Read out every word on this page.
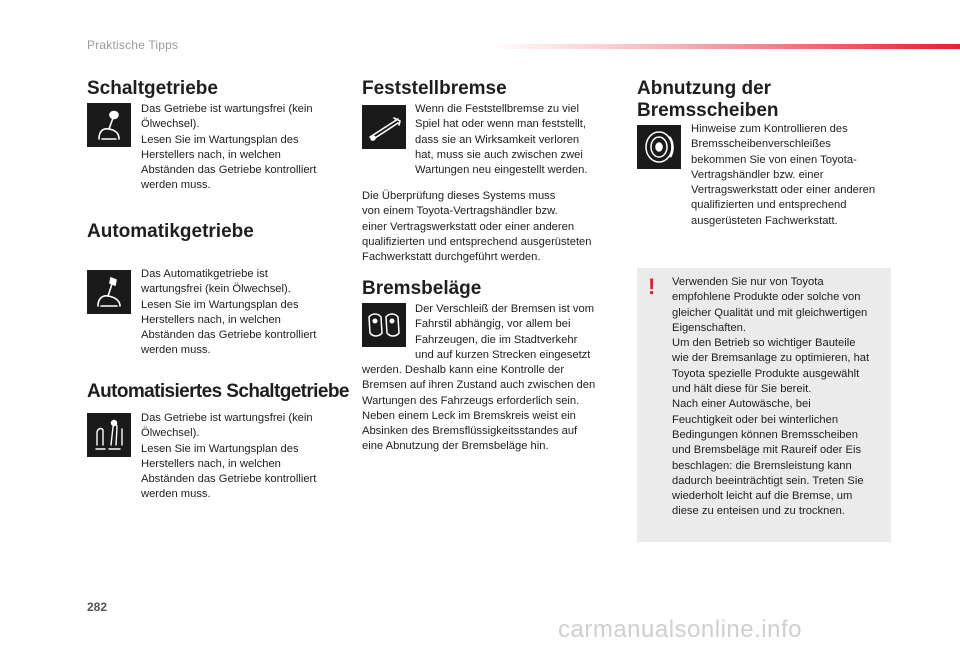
Praktische Tipps
Schaltgetriebe

Das Getriebe ist wartungsfrei (kein

Ölwechsel).

Lesen Sie im Wartungsplan des

Herstellers nach, in welchen

Abständen das Getriebe kontrolliert

werden muss.

Automatikgetriebe

Das Automatikgetriebe ist

wartungsfrei (kein Ölwechsel).

Lesen Sie im Wartungsplan des

Herstellers nach, in welchen

Abständen das Getriebe kontrolliert

werden muss.

Automatisiertes Schaltgetriebe

Das Getriebe ist wartungsfrei (kein

Ölwechsel).

Lesen Sie im Wartungsplan des

Herstellers nach, in welchen

Abständen das Getriebe kontrolliert

werden muss.

Feststellbremse

Wenn die Feststellbremse zu viel

Spiel hat oder wenn man feststellt,

dass sie an Wirksamkeit verloren

hat, muss sie auch zwischen zwei

Wartungen neu eingestellt werden.

Die Überprüfung dieses Systems muss

von einem Toyota-Vertragshändler bzw.

einer Vertragswerkstatt oder einer anderen

qualifizierten und entsprechend ausgerüsteten

Fachwerkstatt durchgeführt werden.

Bremsbeläge

Der Verschleiß der Bremsen ist vom

Fahrstil abhängig, vor allem bei

Fahrzeugen, die im Stadtverkehr

und auf kurzen Strecken eingesetzt

werden. Deshalb kann eine Kontrolle der

Bremsen auf ihren Zustand auch zwischen den

Wartungen des Fahrzeugs erforderlich sein.

Neben einem Leck im Bremskreis weist ein

Absinken des Bremsflüssigkeitsstandes auf

eine Abnutzung der Bremsbeläge hin.

Abnutzung der
Bremsscheiben

Hinweise zum Kontrollieren des

Bremsscheibenverschleißes

bekommen Sie von einen Toyota-

Vertragshändler bzw. einer

Vertragswerkstatt oder einer anderen

qualifizierten und entsprechend

ausgerüsteten Fachwerkstatt.

! Verwenden Sie nur von Toyota

empfohlene Produkte oder solche von

gleicher Qualität und mit gleichwertigen

Eigenschaften.

Um den Betrieb so wichtiger Bauteile

wie der Bremsanlage zu optimieren, hat

Toyota spezielle Produkte ausgewählt

und hält diese für Sie bereit.

Nach einer Autowäsche, bei

Feuchtigkeit oder bei winterlichen

Bedingungen können Bremsscheiben

und Bremsbeläge mit Raureif oder Eis

beschlagen: die Bremsleistung kann

dadurch beeinträchtigt sein. Treten Sie

wiederholt leicht auf die Bremse, um

diese zu enteisen und zu trocknen.

282
carmanualsonline.info
